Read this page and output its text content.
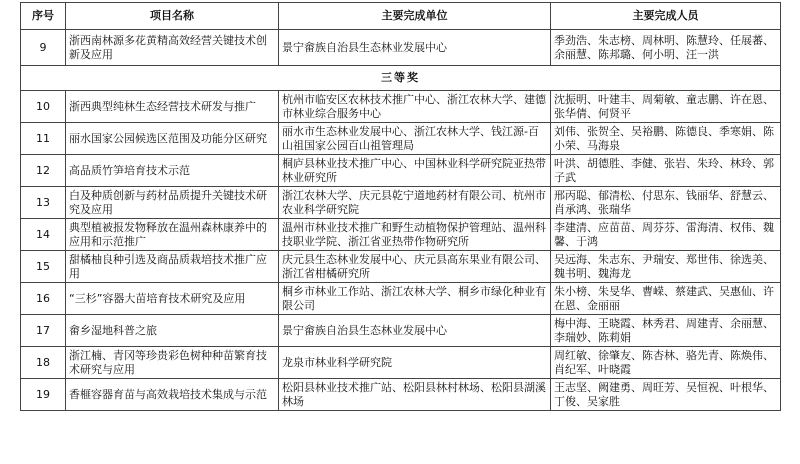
序号	项目名称	主要完成单位	主要完成人员
9	浙西南林源多花黄精高效经营关键技术创新及应用	景宁畲族自治县生态林业发展中心	季劲浩、朱志榜、周林明、陈慧玲、任展蕃、余丽慧、陈邦璐、何小明、汪一洪
三等奖			
10	浙西典型纯林生态经营技术研发与推广	杭州市临安区农林技术推广中心、浙江农林大学、建德市林业综合服务中心	沈振明、叶建丰、周菊敏、童志鹏、许在恩、张华倩、何贤平
11	丽水国家公园候选区范围及功能分区研究	丽水市生态林业发展中心、浙江农林大学、钱江源-百山祖国家公园百山祖管理局	刘伟、张贺全、吴裕鹏、陈德良、季寒娟、陈小荣、马海泉
12	高品质竹笋培育技术示范	桐庐县林业技术推广中心、中国林业科学研究院亚热带林业研究所	叶洪、胡德胜、李健、张岩、朱玲、林玲、郭子武
13	白及种质创新与药材品质提升关键技术研究及应用	浙江农林大学、庆元县乾宁道地药材有限公司、杭州市农业科学研究院	邢丙聪、郁清松、付思东、钱丽华、舒慧云、肖承鸿、张瑞华
14	典型植被报发物释放在温州森林康养中的应用和示范推广	温州市林业技术推广和野生动植物保护管理站、温州科技职业学院、浙江省亚热带作物研究所	李建清、应苗苗、周芬芬、雷海清、权伟、魏馨、于鸿
15	甜橘柚良种引选及商品质栽培技术推广应用	庆元县生态林业发展中心、庆元县高东果业有限公司、浙江省柑橘研究所	吴远海、朱志东、尹瑞安、郑世伟、徐选美、魏书明、魏海龙
16	“三杉”容器大苗培育技术研究及应用	桐乡市林业工作站、浙江农林大学、桐乡市绿化种业有限公司	朱小榜、朱旻华、曹嵘、蔡建武、吴惠仙、许在恩、金丽丽
17	畲乡湿地科普之旅	景宁畲族自治县生态林业发展中心	梅中海、王晓霞、林秀君、周建青、余丽慧、李瑞妙、陈莉娟
18	浙江楠、青冈等珍贵彩色树种种苗繁育技术研究与应用	龙泉市林业科学研究院	周红敏、徐肇友、陈杏林、骆先青、陈焕伟、肖纪军、叶晓霞
19	香榧容器育苗与高效栽培技术集成与示范	松阳县林业技术推广站、松阳县林村林场、松阳县湖溪林场	王志坚、阙建勇、周旺芳、吴恒祝、叶根华、丁俊、吴家胜
